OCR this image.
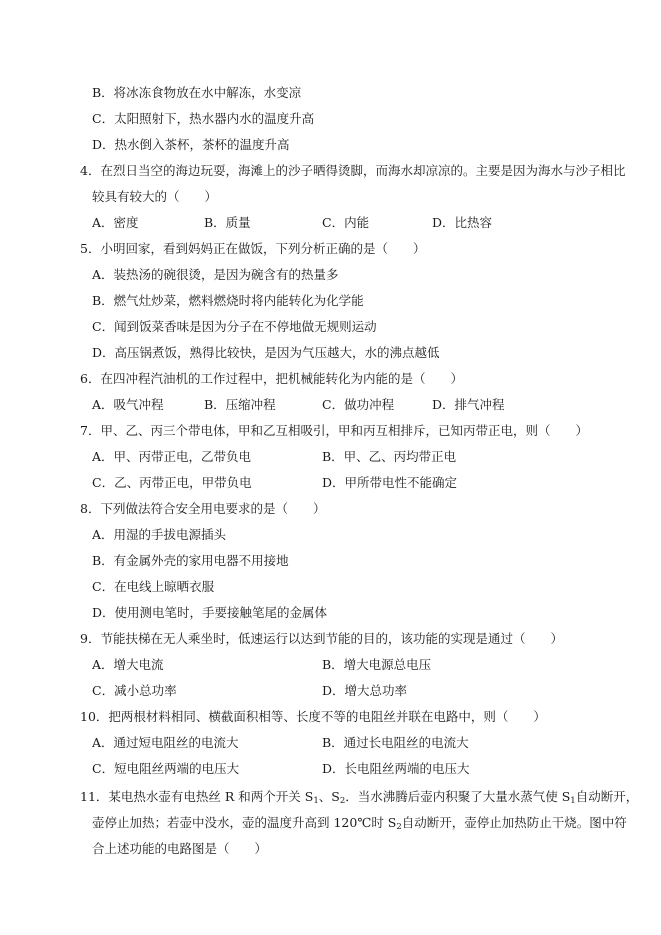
B．将冰冻食物放在水中解冻，水变凉
C．太阳照射下，热水器内水的温度升高
D．热水倒入茶杯，茶杯的温度升高
4．在烈日当空的海边玩耍，海滩上的沙子晒得烫脚，而海水却凉凉的。主要是因为海水与沙子相比
较具有较大的（　　）
A．密度	B．质量	C．内能	D．比热容
5．小明回家，看到妈妈正在做饭，下列分析正确的是（　　）
A．装热汤的碗很烫，是因为碗含有的热量多
B．燃气灶炒菜，燃料燃烧时将内能转化为化学能
C．闻到饭菜香味是因为分子在不停地做无规则运动
D．高压锅煮饭，熟得比较快，是因为气压越大，水的沸点越低
6．在四冲程汽油机的工作过程中，把机械能转化为内能的是（　　）
A．吸气冲程	B．压缩冲程	C．做功冲程	D．排气冲程
7．甲、乙、丙三个带电体，甲和乙互相吸引，甲和丙互相排斥，已知丙带正电，则（　　）
A．甲、丙带正电，乙带负电	B．甲、乙、丙均带正电
C．乙、丙带正电，甲带负电	D．甲所带电性不能确定
8．下列做法符合安全用电要求的是（　　）
A．用湿的手拔电源插头
B．有金属外壳的家用电器不用接地
C．在电线上晾晒衣服
D．使用测电笔时，手要接触笔尾的金属体
9．节能扶梯在无人乘坐时，低速运行以达到节能的目的，该功能的实现是通过（　　）
A．增大电流	B．增大电源总电压
C．减小总功率	D．增大总功率
10．把两根材料相同、横截面积相等、长度不等的电阻丝并联在电路中，则（　　）
A．通过短电阻丝的电流大	B．通过长电阻丝的电流大
C．短电阻丝两端的电压大	D．长电阻丝两端的电压大
11．某电热水壶有电热丝 R 和两个开关 $S_1$、$S_2$．当水沸腾后壶内积聚了大量水蒸气使 $S_1$自动断开，
壶停止加热；若壶中没水，壶的温度升高到 120℃时 $S_2$自动断开，壶停止加热防止干烧。图中符
合上述功能的电路图是（　　）
